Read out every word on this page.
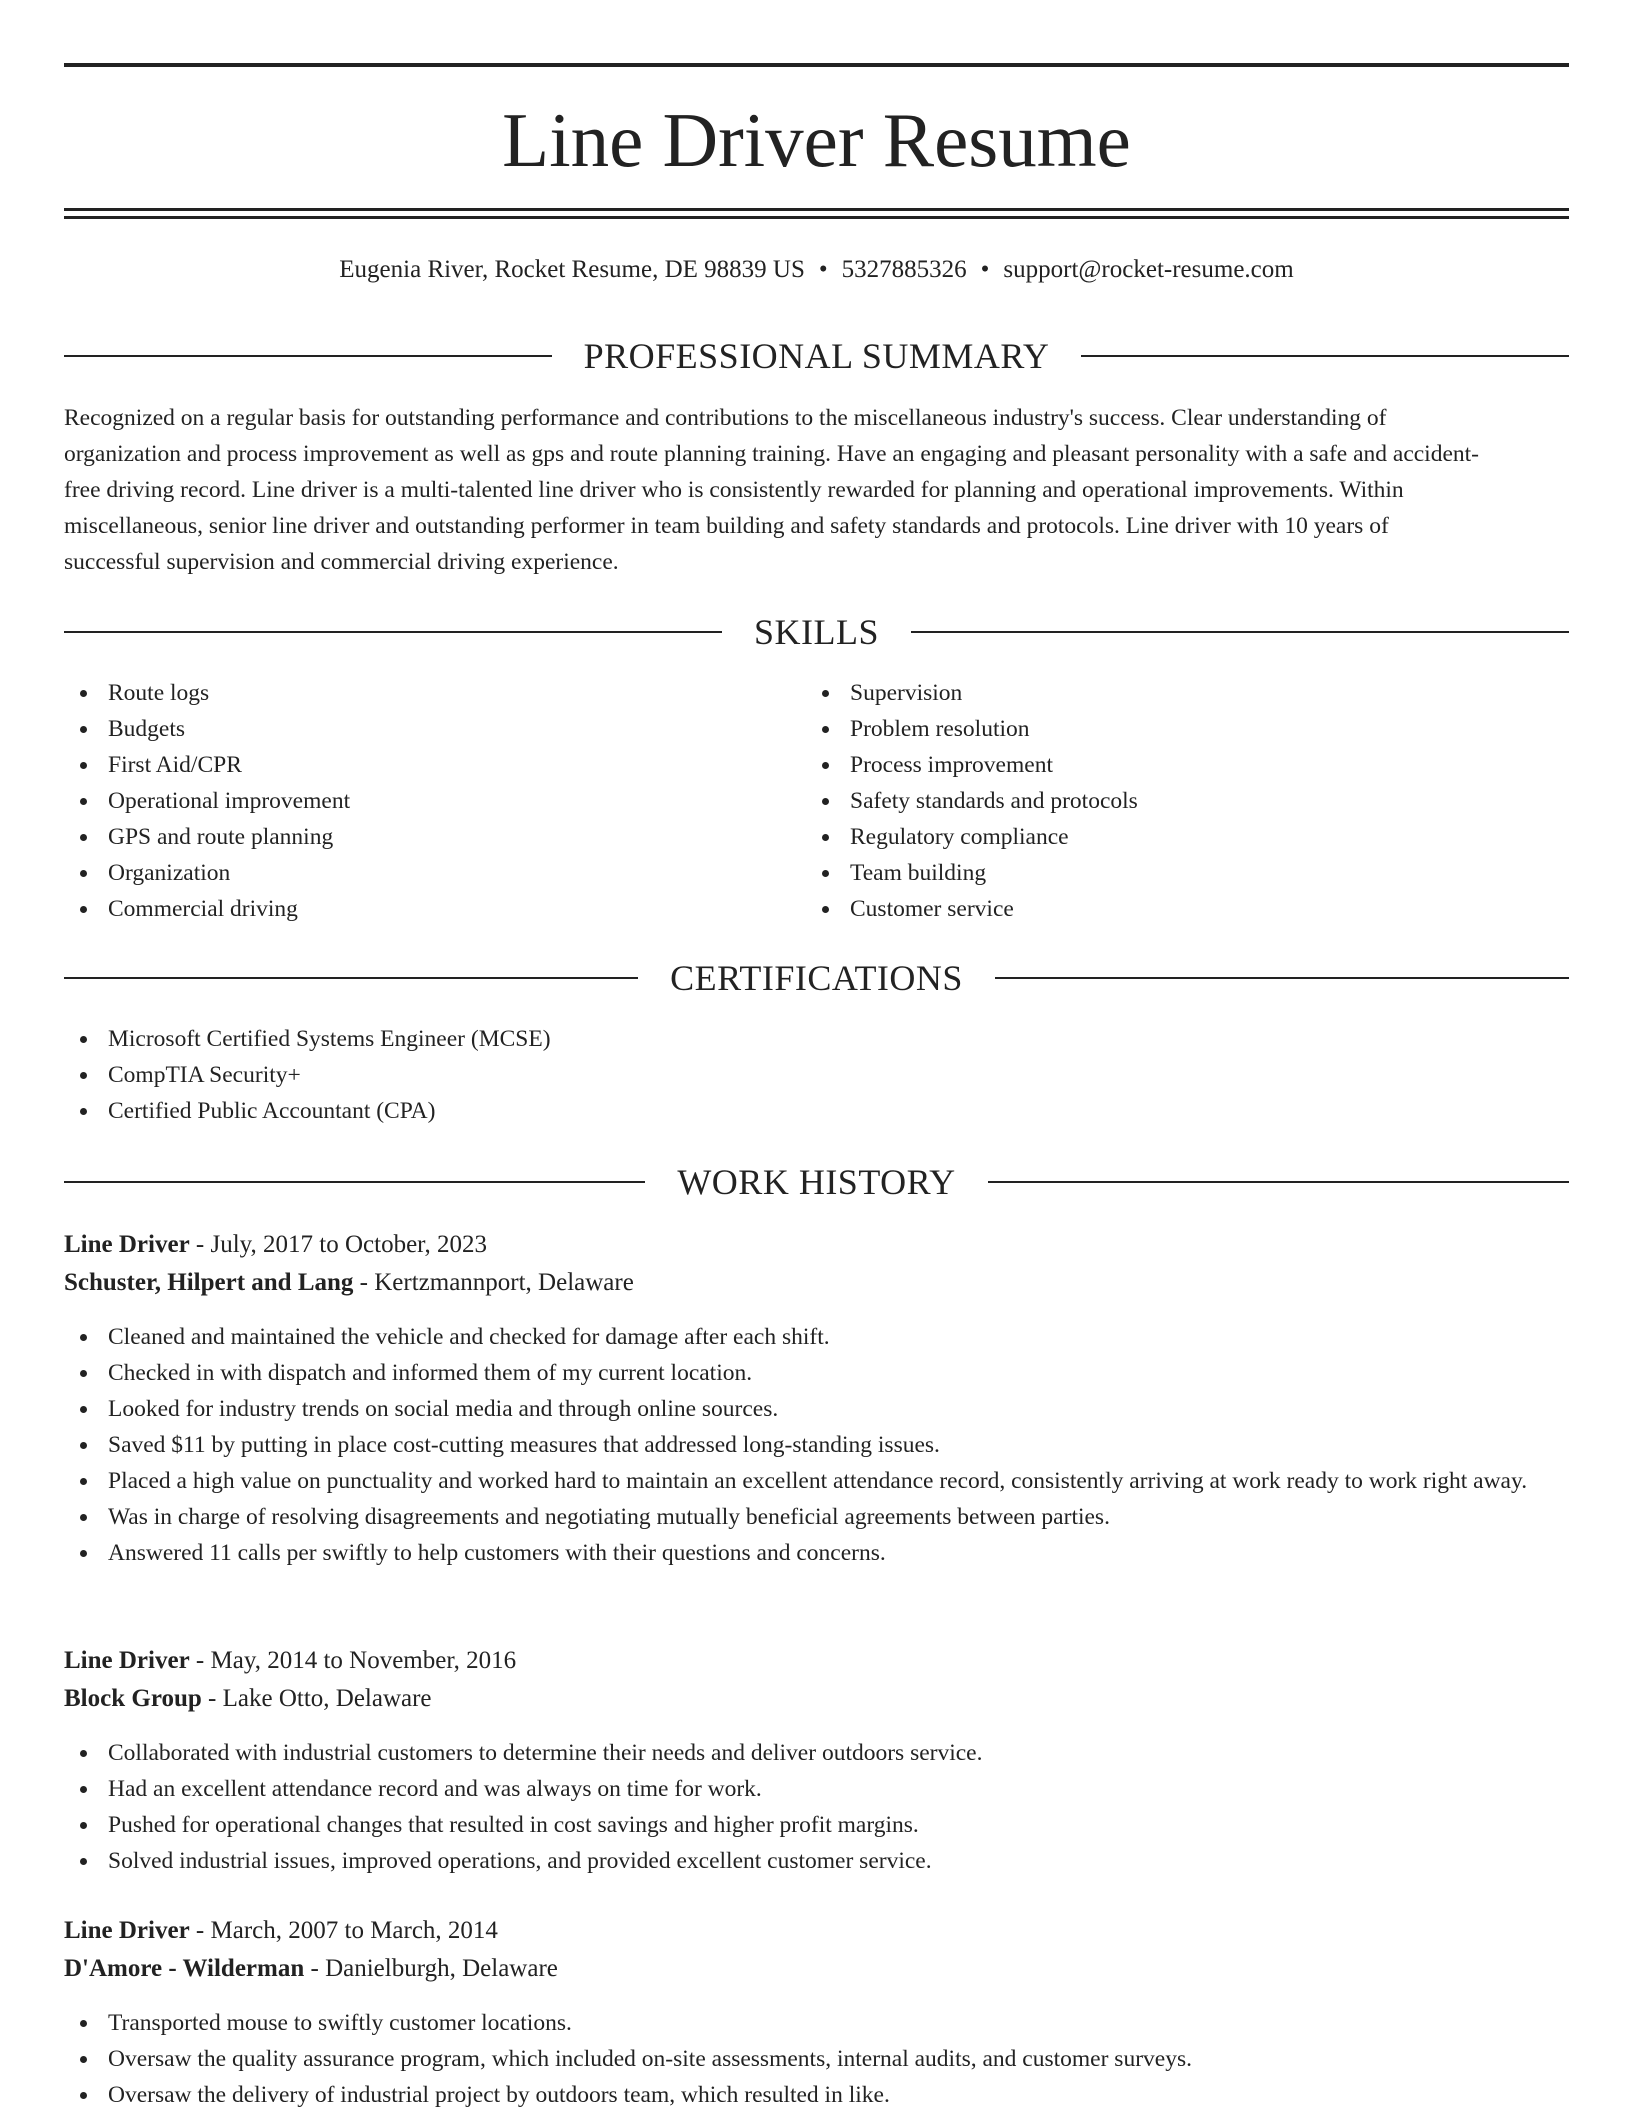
Line Driver Resume
Eugenia River, Rocket Resume, DE 98839 US • 5327885326 • support@rocket-resume.com
PROFESSIONAL SUMMARY
Recognized on a regular basis for outstanding performance and contributions to the miscellaneous industry's success. Clear understanding of
organization and process improvement as well as gps and route planning training. Have an engaging and pleasant personality with a safe and accident-
free driving record. Line driver is a multi-talented line driver who is consistently rewarded for planning and operational improvements. Within
miscellaneous, senior line driver and outstanding performer in team building and safety standards and protocols. Line driver with 10 years of
successful supervision and commercial driving experience.
SKILLS
Route logs
Budgets
First Aid/CPR
Operational improvement
GPS and route planning
Organization
Commercial driving
Supervision
Problem resolution
Process improvement
Safety standards and protocols
Regulatory compliance
Team building
Customer service
CERTIFICATIONS
Microsoft Certified Systems Engineer (MCSE)
CompTIA Security+
Certified Public Accountant (CPA)
WORK HISTORY
Line Driver - July, 2017 to October, 2023
Schuster, Hilpert and Lang - Kertzmannport, Delaware
Cleaned and maintained the vehicle and checked for damage after each shift.
Checked in with dispatch and informed them of my current location.
Looked for industry trends on social media and through online sources.
Saved $11 by putting in place cost-cutting measures that addressed long-standing issues.
Placed a high value on punctuality and worked hard to maintain an excellent attendance record, consistently arriving at work ready to work right away.
Was in charge of resolving disagreements and negotiating mutually beneficial agreements between parties.
Answered 11 calls per swiftly to help customers with their questions and concerns.
Line Driver - May, 2014 to November, 2016
Block Group - Lake Otto, Delaware
Collaborated with industrial customers to determine their needs and deliver outdoors service.
Had an excellent attendance record and was always on time for work.
Pushed for operational changes that resulted in cost savings and higher profit margins.
Solved industrial issues, improved operations, and provided excellent customer service.
Line Driver - March, 2007 to March, 2014
D'Amore - Wilderman - Danielburgh, Delaware
Transported mouse to swiftly customer locations.
Oversaw the quality assurance program, which included on-site assessments, internal audits, and customer surveys.
Oversaw the delivery of industrial project by outdoors team, which resulted in like.
